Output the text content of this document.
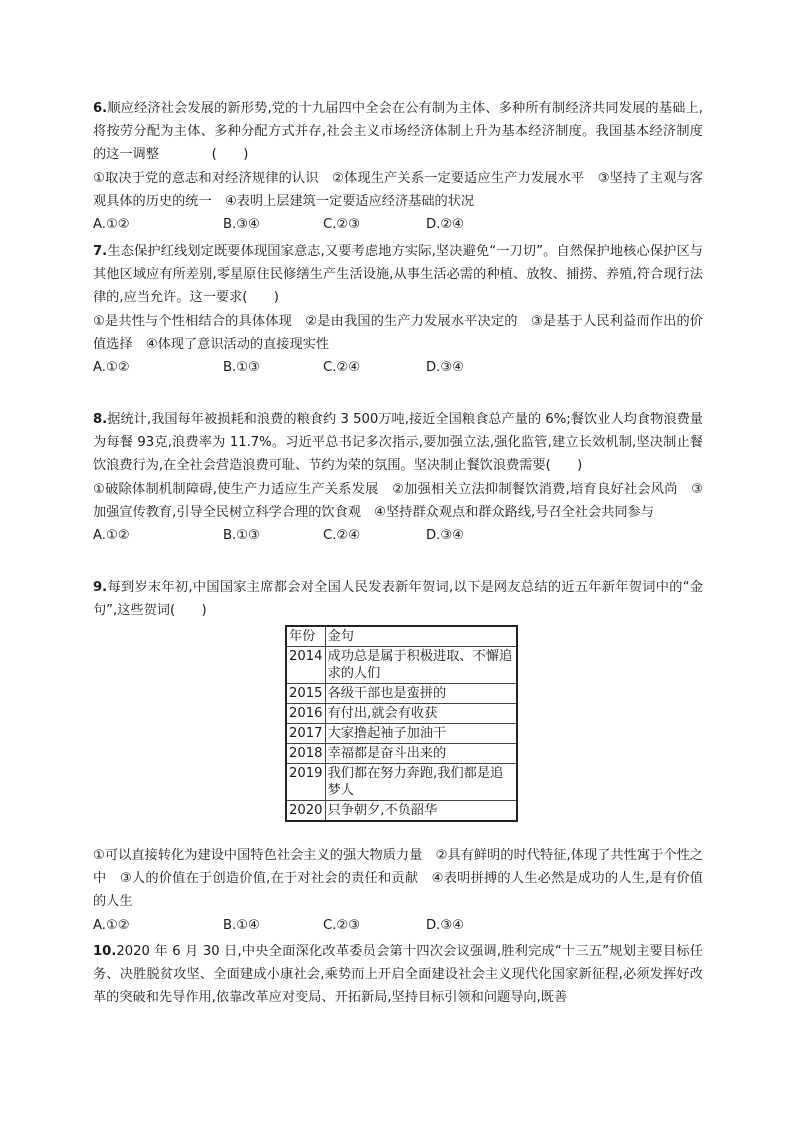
6.顺应经济社会发展的新形势,党的十九届四中全会在公有制为主体、多种所有制经济共同发展的基础上,将按劳分配为主体、多种分配方式并存,社会主义市场经济体制上升为基本经济制度。我国基本经济制度的这一调整　　　　(　　)
①取决于党的意志和对经济规律的认识　②体现生产关系一定要适应生产力发展水平　③坚持了主观与客观具体的历史的统一　④表明上层建筑一定要适应经济基础的状况
A.①②	B.③④	C.②③	D.②④
7.生态保护红线划定既要体现国家意志,又要考虑地方实际,坚决避免“一刀切”。自然保护地核心保护区与其他区域应有所差别,零星原住民修缮生产生活设施,从事生活必需的种植、放牧、捕捞、养殖,符合现行法律的,应当允许。这一要求(　　)
①是共性与个性相结合的具体体现　②是由我国的生产力发展水平决定的　③是基于人民利益而作出的价值选择　④体现了意识活动的直接现实性
A.①②	B.①③	C.②④	D.③④
8.据统计,我国每年被损耗和浪费的粮食约 3 500万吨,接近全国粮食总产量的 6%;餐饮业人均食物浪费量为每餐 93克,浪费率为 11.7%。习近平总书记多次指示,要加强立法,强化监管,建立长效机制,坚决制止餐饮浪费行为,在全社会营造浪费可耻、节约为荣的氛围。坚决制止餐饮浪费需要(　　)
①破除体制机制障碍,使生产力适应生产关系发展　②加强相关立法抑制餐饮消费,培育良好社会风尚　③加强宣传教育,引导全民树立科学合理的饮食观　④坚持群众观点和群众路线,号召全社会共同参与
A.①②	B.①③	C.②④	D.③④
9.每到岁末年初,中国国家主席都会对全国人民发表新年贺词,以下是网友总结的近五年新年贺词中的“金句”,这些贺词(　　)
年份	金句
2014	成功总是属于积极进取、不懈追求的人们
2015	各级干部也是蛮拼的
2016	有付出,就会有收获
2017	大家撸起袖子加油干
2018	幸福都是奋斗出来的
2019	我们都在努力奔跑,我们都是追梦人
2020	只争朝夕,不负韶华
①可以直接转化为建设中国特色社会主义的强大物质力量　②具有鲜明的时代特征,体现了共性寓于个性之中　③人的价值在于创造价值,在于对社会的责任和贡献　④表明拼搏的人生必然是成功的人生,是有价值的人生
A.①②	B.①④	C.②③	D.③④
10.2020 年 6 月 30 日,中央全面深化改革委员会第十四次会议强调,胜利完成“十三五”规划主要目标任务、决胜脱贫攻坚、全面建成小康社会,乘势而上开启全面建设社会主义现代化国家新征程,必须发挥好改革的突破和先导作用,依靠改革应对变局、开拓新局,坚持目标引领和问题导向,既善
